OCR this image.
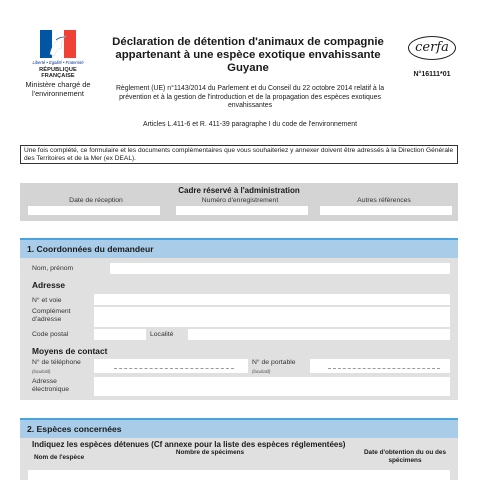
Liberté • Égalité • Fraternité
RÉPUBLIQUE FRANÇAISE
Ministère chargé de l'environnement
Déclaration de détention d'animaux de compagnie appartenant à une espèce exotique envahissante Guyane
cerfa
N°16111*01
Règlement (UE) n°1143/2014 du Parlement et du Conseil du 22 octobre 2014 relatif à la prévention et à la gestion de l'introduction et de la propagation des espèces exotiques envahissantes
Articles L.411-6 et R. 411-39 paragraphe I du code de l'environnement
Une fois complété, ce formulaire et les documents complémentaires que vous souhaiteriez y annexer doivent être adressés à la Direction Générale des Territoires et de la Mer (ex DEAL).
Cadre réservé à l'administration
Date de réception	Numéro d'enregistrement	Autres références
1. Coordonnées du demandeur
Nom, prénom
Adresse
N° et voie
Complément d'adresse
Code postal	Localité
Moyens de contact
N° de téléphone
(facultatif)
N° de portable
(facultatif)
Adresse électronique
2. Espèces concernées
Indiquez les espèces détenues (Cf annexe pour la liste des espèces réglementées)
Nom de l'espèce
Nombre de spécimens	Date d'obtention du ou des spécimens
